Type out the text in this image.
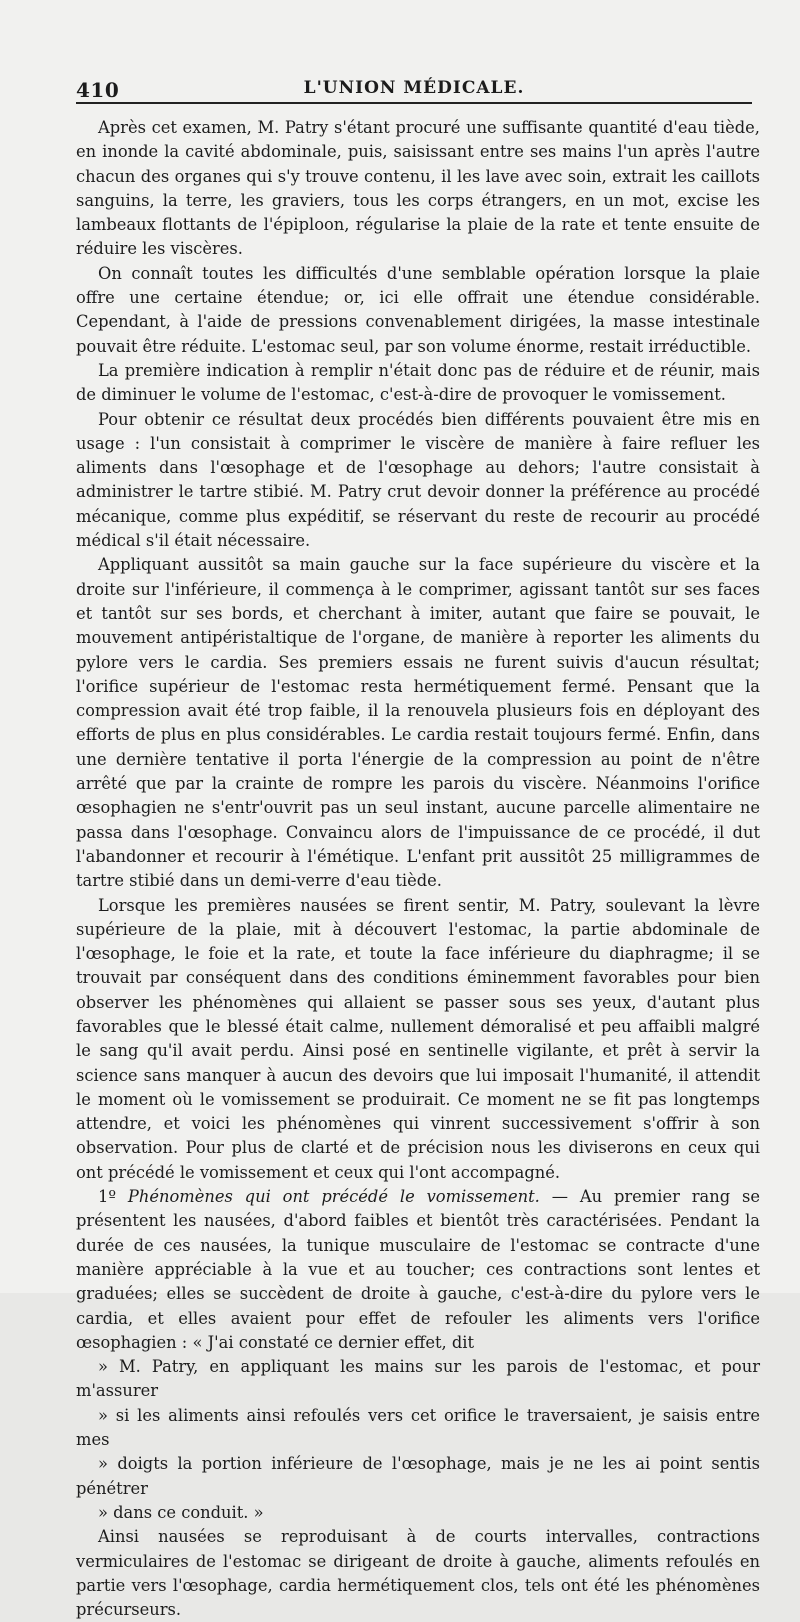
410	L'UNION MÉDICALE.

Après cet examen, M. Patry s'étant procuré une suffisante quantité d'eau tiède, en inonde la cavité abdominale, puis, saisissant entre ses mains l'un après l'autre chacun des organes qui s'y trouve contenu, il les lave avec soin, extrait les caillots sanguins, la terre, les graviers, tous les corps étrangers, en un mot, excise les lambeaux flottants de l'épiploon, régularise la plaie de la rate et tente ensuite de réduire les viscères.

On connaît toutes les difficultés d'une semblable opération lorsque la plaie offre une certaine étendue; or, ici elle offrait une étendue considérable. Cependant, à l'aide de pressions convenablement dirigées, la masse intestinale pouvait être réduite. L'estomac seul, par son volume énorme, restait irréductible.

La première indication à remplir n'était donc pas de réduire et de réunir, mais de diminuer le volume de l'estomac, c'est-à-dire de provoquer le vomissement.

Pour obtenir ce résultat deux procédés bien différents pouvaient être mis en usage : l'un consistait à comprimer le viscère de manière à faire refluer les aliments dans l'œsophage et de l'œsophage au dehors; l'autre consistait à administrer le tartre stibié. M. Patry crut devoir donner la préférence au procédé mécanique, comme plus expéditif, se réservant du reste de recourir au procédé médical s'il était nécessaire.

Appliquant aussitôt sa main gauche sur la face supérieure du viscère et la droite sur l'inférieure, il commença à le comprimer, agissant tantôt sur ses faces et tantôt sur ses bords, et cherchant à imiter, autant que faire se pouvait, le mouvement antipéristaltique de l'organe, de manière à reporter les aliments du pylore vers le cardia. Ses premiers essais ne furent suivis d'aucun résultat; l'orifice supérieur de l'estomac resta hermétiquement fermé. Pensant que la compression avait été trop faible, il la renouvela plusieurs fois en déployant des efforts de plus en plus considérables. Le cardia restait toujours fermé. Enfin, dans une dernière tentative il porta l'énergie de la compression au point de n'être arrêté que par la crainte de rompre les parois du viscère. Néanmoins l'orifice œsophagien ne s'entr'ouvrit pas un seul instant, aucune parcelle alimentaire ne passa dans l'œsophage. Convaincu alors de l'impuissance de ce procédé, il dut l'abandonner et recourir à l'émétique. L'enfant prit aussitôt 25 milligrammes de tartre stibié dans un demi-verre d'eau tiède.

Lorsque les premières nausées se firent sentir, M. Patry, soulevant la lèvre supérieure de la plaie, mit à découvert l'estomac, la partie abdominale de l'œsophage, le foie et la rate, et toute la face inférieure du diaphragme; il se trouvait par conséquent dans des conditions éminemment favorables pour bien observer les phénomènes qui allaient se passer sous ses yeux, d'autant plus favorables que le blessé était calme, nullement démoralisé et peu affaibli malgré le sang qu'il avait perdu. Ainsi posé en sentinelle vigilante, et prêt à servir la science sans manquer à aucun des devoirs que lui imposait l'humanité, il attendit le moment où le vomissement se produirait. Ce moment ne se fit pas longtemps attendre, et voici les phénomènes qui vinrent successivement s'offrir à son observation. Pour plus de clarté et de précision nous les diviserons en ceux qui ont précédé le vomissement et ceux qui l'ont accompagné.

1º Phénomènes qui ont précédé le vomissement. — Au premier rang se présentent les nausées, d'abord faibles et bientôt très caractérisées. Pendant la durée de ces nausées, la tunique musculaire de l'estomac se contracte d'une manière appréciable à la vue et au toucher; ces contractions sont lentes et graduées; elles se succèdent de droite à gauche, c'est-à-dire du pylore vers le cardia, et elles avaient pour effet de refouler les aliments vers l'orifice œsophagien : « J'ai constaté ce dernier effet, dit
» M. Patry, en appliquant les mains sur les parois de l'estomac, et pour m'assurer
» si les aliments ainsi refoulés vers cet orifice le traversaient, je saisis entre mes
» doigts la portion inférieure de l'œsophage, mais je ne les ai point sentis pénétrer
» dans ce conduit. »

Ainsi nausées se reproduisant à de courts intervalles, contractions vermiculaires de l'estomac se dirigeant de droite à gauche, aliments refoulés en partie vers l'œsophage, cardia hermétiquement clos, tels ont été les phénomènes précurseurs.
